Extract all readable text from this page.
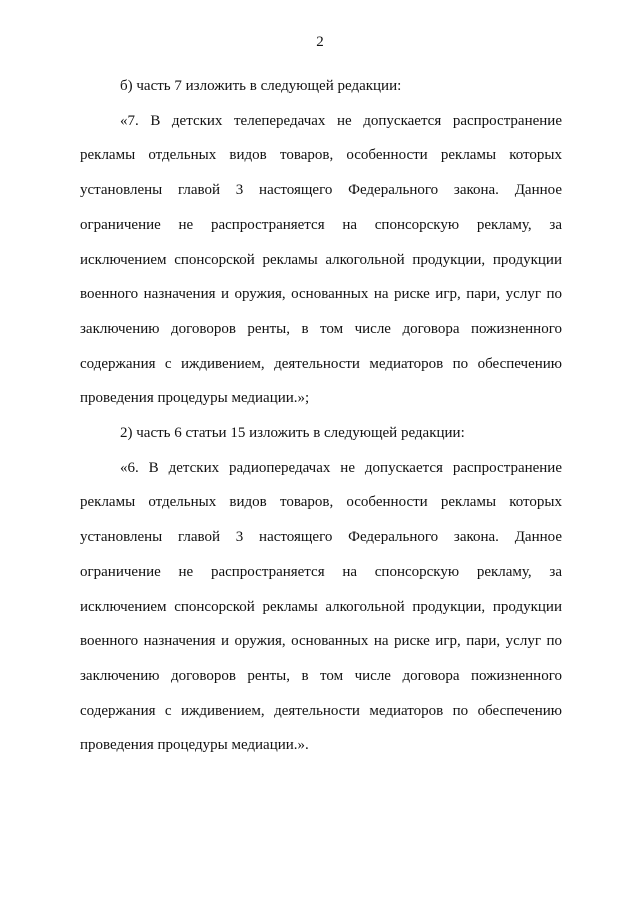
2

б) часть 7 изложить в следующей редакции:

«7. В детских телепередачах не допускается распространение рекламы отдельных видов товаров, особенности рекламы которых установлены главой 3 настоящего Федерального закона. Данное ограничение не распространяется на спонсорскую рекламу, за исключением спонсорской рекламы алкогольной продукции, продукции военного назначения и оружия, основанных на риске игр, пари, услуг по заключению договоров ренты, в том числе договора пожизненного содержания с иждивением, деятельности медиаторов по обеспечению проведения процедуры медиации.»;

2) часть 6 статьи 15 изложить в следующей редакции:

«6. В детских радиопередачах не допускается распространение рекламы отдельных видов товаров, особенности рекламы которых установлены главой 3 настоящего Федерального закона. Данное ограничение не распространяется на спонсорскую рекламу, за исключением спонсорской рекламы алкогольной продукции, продукции военного назначения и оружия, основанных на риске игр, пари, услуг по заключению договоров ренты, в том числе договора пожизненного содержания с иждивением, деятельности медиаторов по обеспечению проведения процедуры медиации.».
